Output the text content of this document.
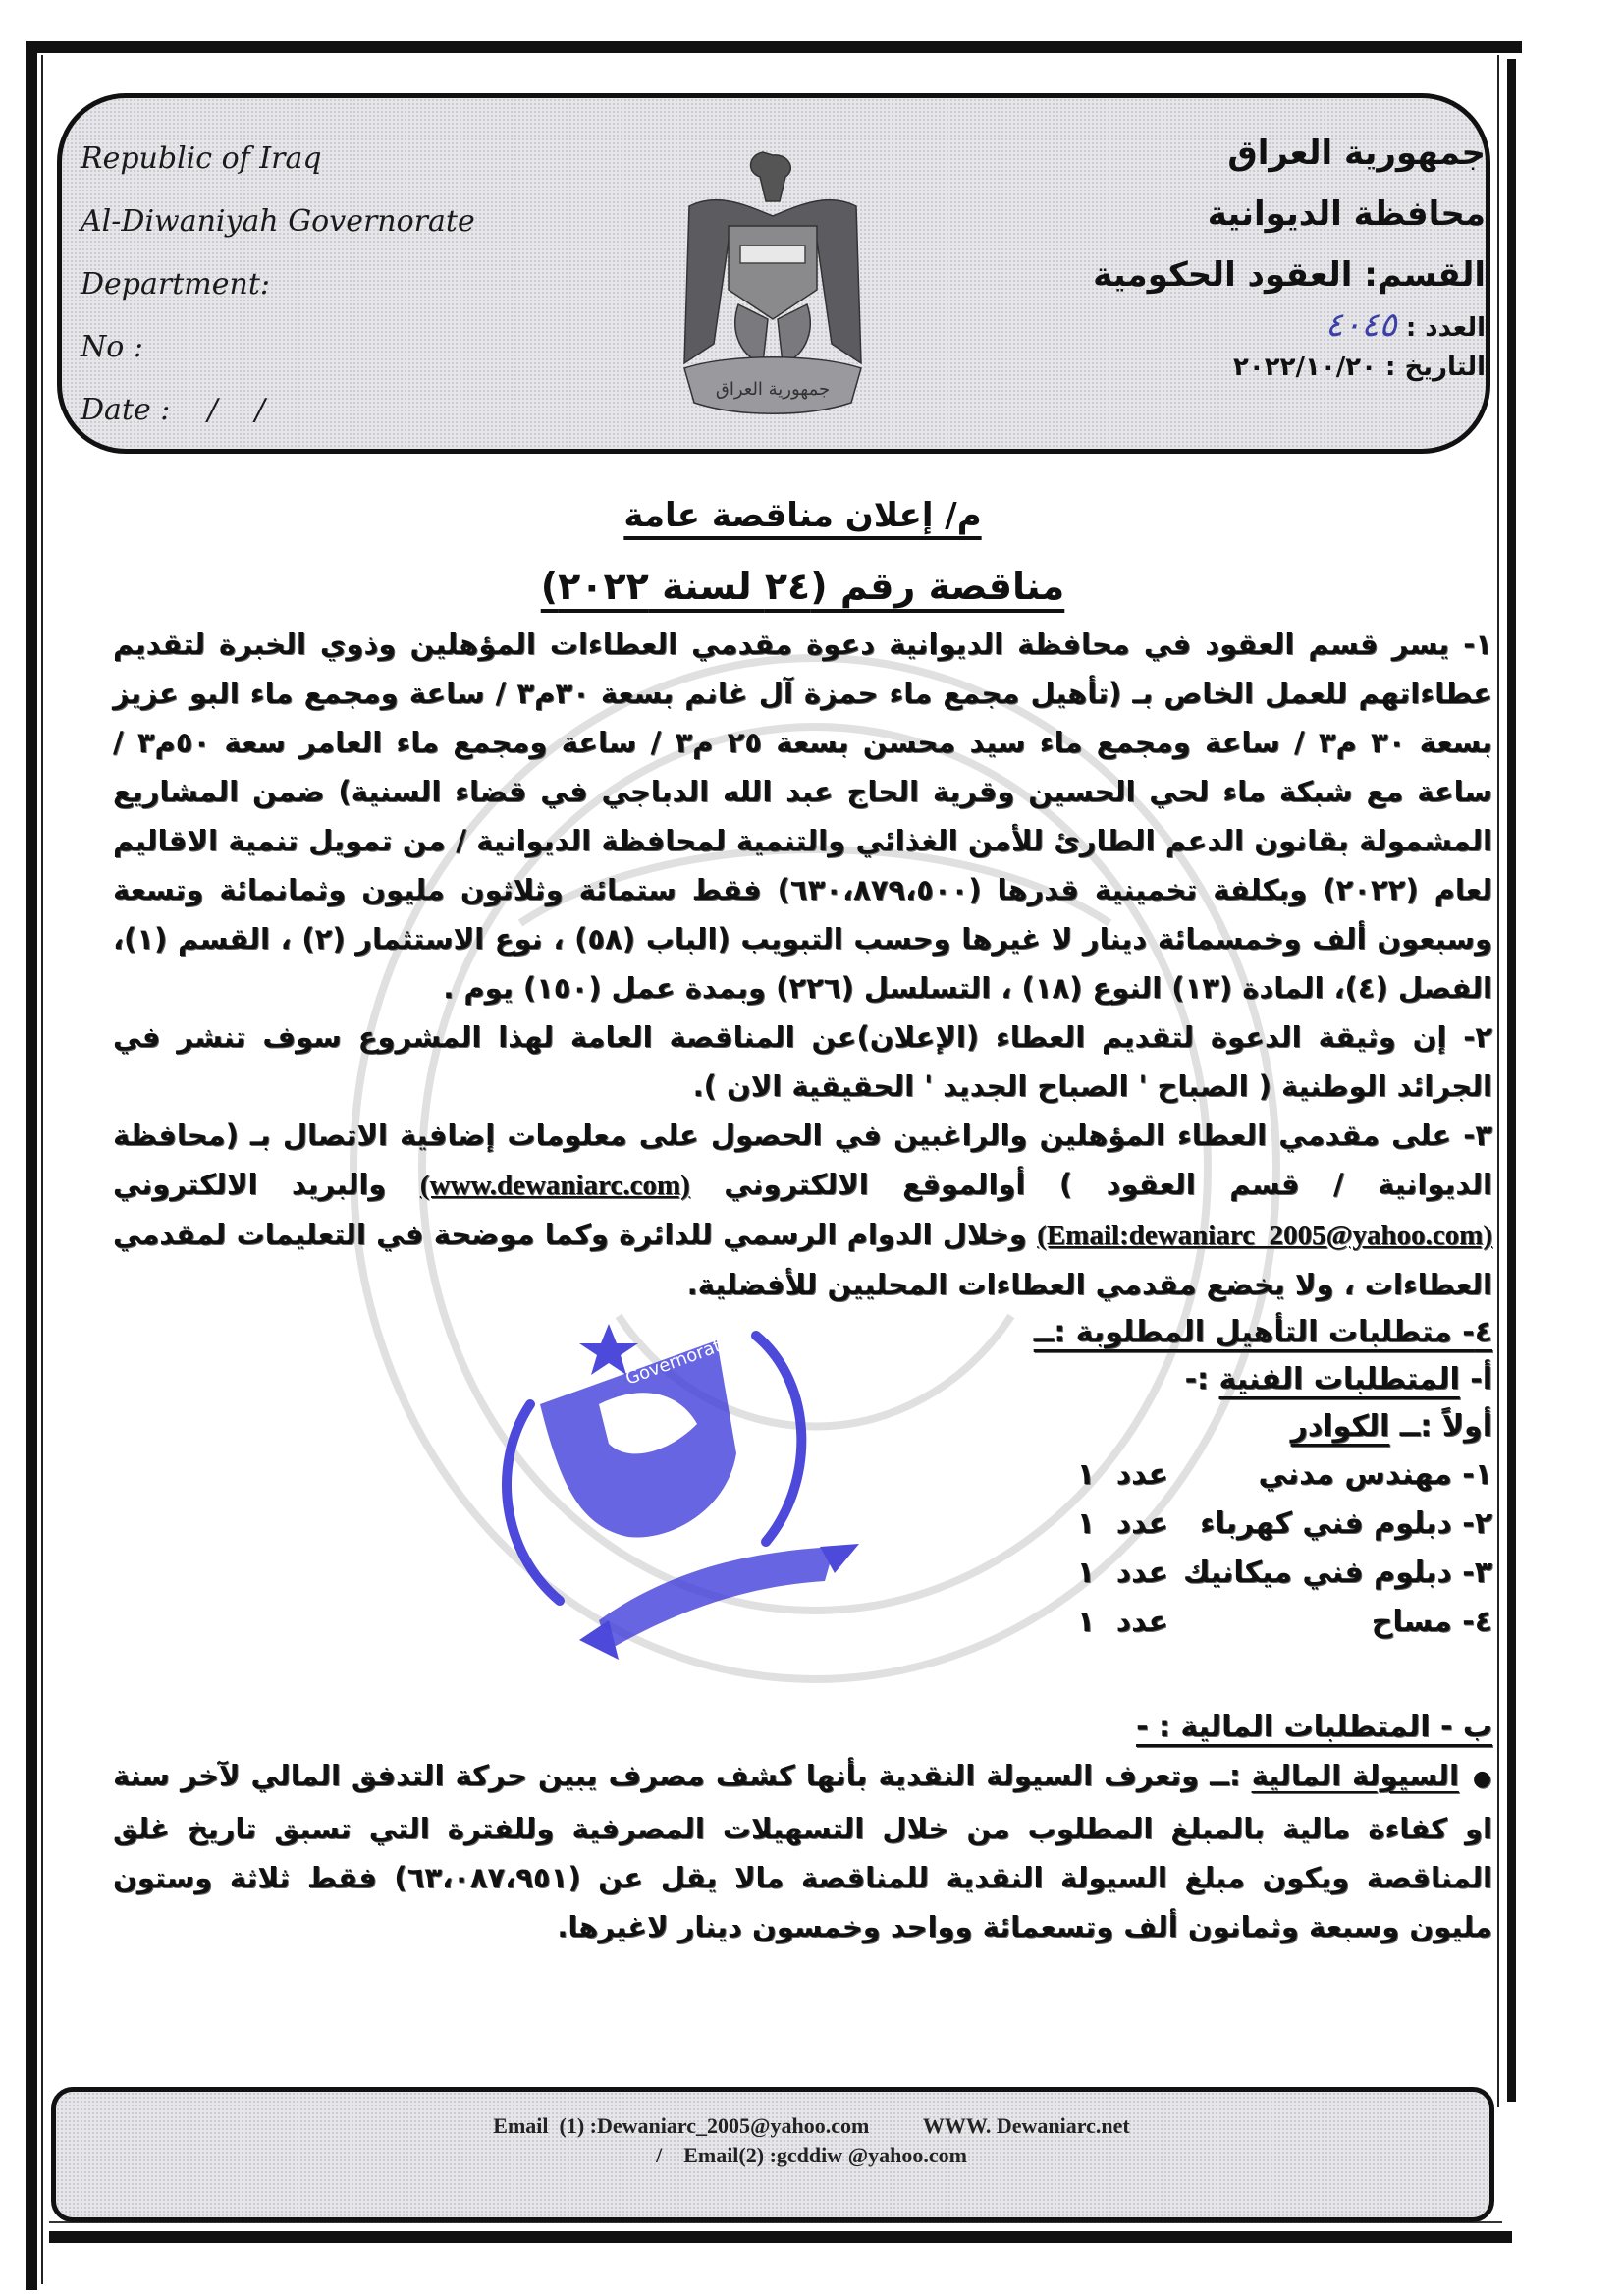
Republic of Iraq
Al-Diwaniyah Governorate
Department:
No :
Date :    /    /
جمهورية العراق
جمهورية العراق
محافظة الديوانية
القسم: العقود الحكومية
العدد : ٤٠٤٥
التاريخ : ٢٠٢٢/١٠/٢٠

م/ إعلان مناقصة عامة

مناقصة رقم (٢٤ لسنة ٢٠٢٢)

١- يسر قسم العقود في محافظة الديوانية دعوة مقدمي العطاءات المؤهلين وذوي الخبرة لتقديم عطاءاتهم للعمل الخاص بـ (تأهيل مجمع ماء حمزة آل غانم بسعة ٣٠م٣ / ساعة ومجمع ماء البو عزيز بسعة ٣٠ م٣ / ساعة ومجمع ماء سيد محسن بسعة ٢٥ م٣ / ساعة ومجمع ماء العامر سعة ٥٠م٣ / ساعة مع شبكة ماء لحي الحسين وقرية الحاج عبد الله الدباجي في قضاء السنية) ضمن المشاريع المشمولة بقانون الدعم الطارئ للأمن الغذائي والتنمية لمحافظة الديوانية / من تمويل تنمية الاقاليم لعام (٢٠٢٢) وبكلفة تخمينية قدرها (٦٣٠،٨٧٩،٥٠٠) فقط ستمائة وثلاثون مليون وثمانمائة وتسعة وسبعون ألف وخمسمائة دينار لا غيرها وحسب التبويب (الباب (٥٨) ، نوع الاستثمار (٢) ، القسم (١)، الفصل (٤)، المادة (١٣) النوع (١٨) ، التسلسل (٢٢٦) وبمدة عمل (١٥٠) يوم .

٢- إن وثيقة الدعوة لتقديم العطاء (الإعلان)عن المناقصة العامة لهذا المشروع سوف تنشر في الجرائد الوطنية ( الصباح ' الصباح الجديد ' الحقيقية الان ).

٣- على مقدمي العطاء المؤهلين والراغبين في الحصول على معلومات إضافية الاتصال بـ (محافظة الديوانية / قسم العقود ) أوالموقع الالكتروني (www.dewaniarc.com) والبريد الالكتروني (Email:dewaniarc_2005@yahoo.com) وخلال الدوام الرسمي للدائرة وكما موضحة في التعليمات لمقدمي العطاءات ، ولا يخضع مقدمي العطاءات المحليين للأفضلية.

٤- متطلبات التأهيل المطلوبة :ــ

أ- المتطلبات الفنية :-

أولاً :ــ الكوادر

١- مهندس مدني
عدد
١
٢- دبلوم فني كهرباء
عدد
١
٣- دبلوم فني ميكانيك
عدد
١
٤- مساح
عدد
١

ب - المتطلبات المالية : -

●السيولة المالية :ــ وتعرف السيولة النقدية بأنها كشف مصرف يبين حركة التدفق المالي لآخر سنة او كفاءة مالية بالمبلغ المطلوب من خلال التسهيلات المصرفية وللفترة التي تسبق تاريخ غلق المناقصة ويكون مبلغ السيولة النقدية للمناقصة مالا يقل عن (٦٣،٠٨٧،٩٥١) فقط ثلاثة وستون مليون وسبعة وثمانون ألف وتسعمائة وواحد وخمسون دينار لاغيرها.

Governorate
Email  (1) :Dewaniarc_2005@yahoo.com          WWW. Dewaniarc.net
/    Email(2) :gcddiw @yahoo.com
